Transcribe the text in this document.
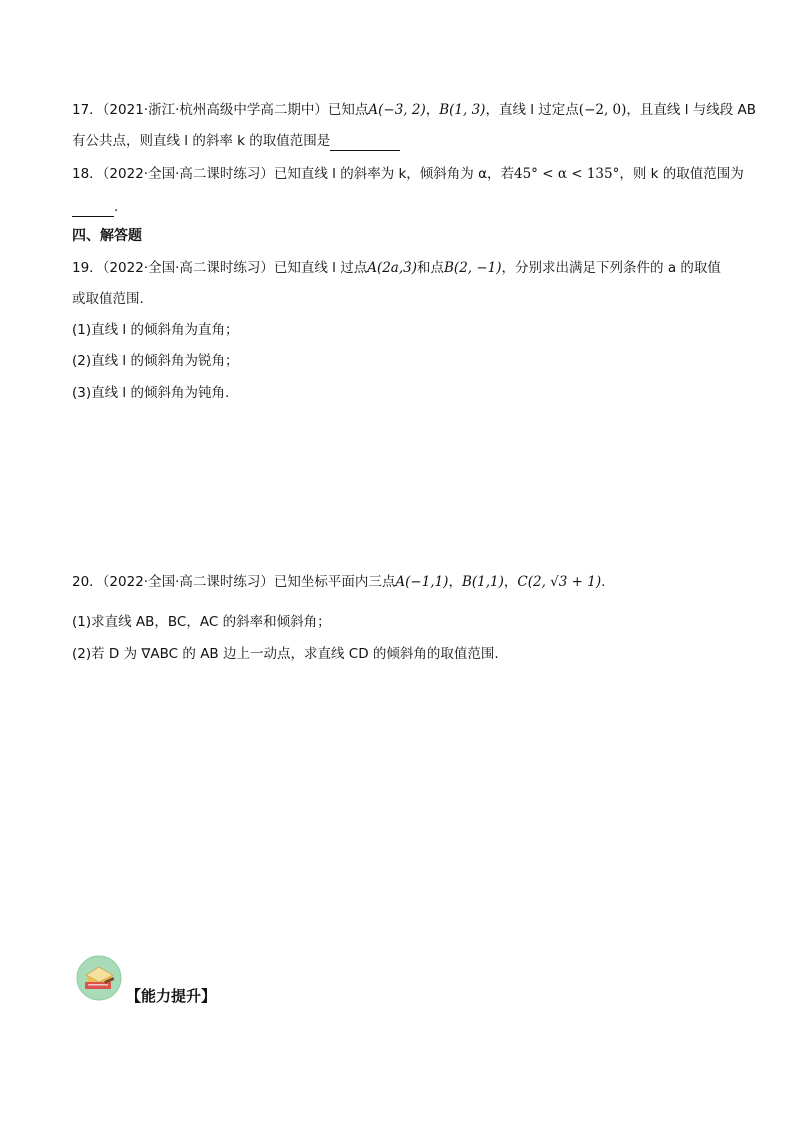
17．（2021·浙江·杭州高级中学高二期中）已知点A(−3, 2)，B(1, 3)，直线 l 过定点(−2, 0)，且直线 l 与线段 AB
有公共点，则直线 l 的斜率 k 的取值范围是
18．（2022·全国·高二课时练习）已知直线 l 的斜率为 k，倾斜角为 α，若45° < α < 135°，则 k 的取值范围为
.
四、解答题
19．（2022·全国·高二课时练习）已知直线 l 过点A(2a,3)和点B(2, −1)，分别求出满足下列条件的 a 的取值
或取值范围.
(1)直线 l 的倾斜角为直角；
(2)直线 l 的倾斜角为锐角；
(3)直线 l 的倾斜角为钝角.
20．（2022·全国·高二课时练习）已知坐标平面内三点A(−1,1)，B(1,1)，C(2, √3 + 1).
(1)求直线 AB，BC，AC 的斜率和倾斜角；
(2)若 D 为 ∇ABC 的 AB 边上一动点，求直线 CD 的倾斜角的取值范围.
【能力提升】
